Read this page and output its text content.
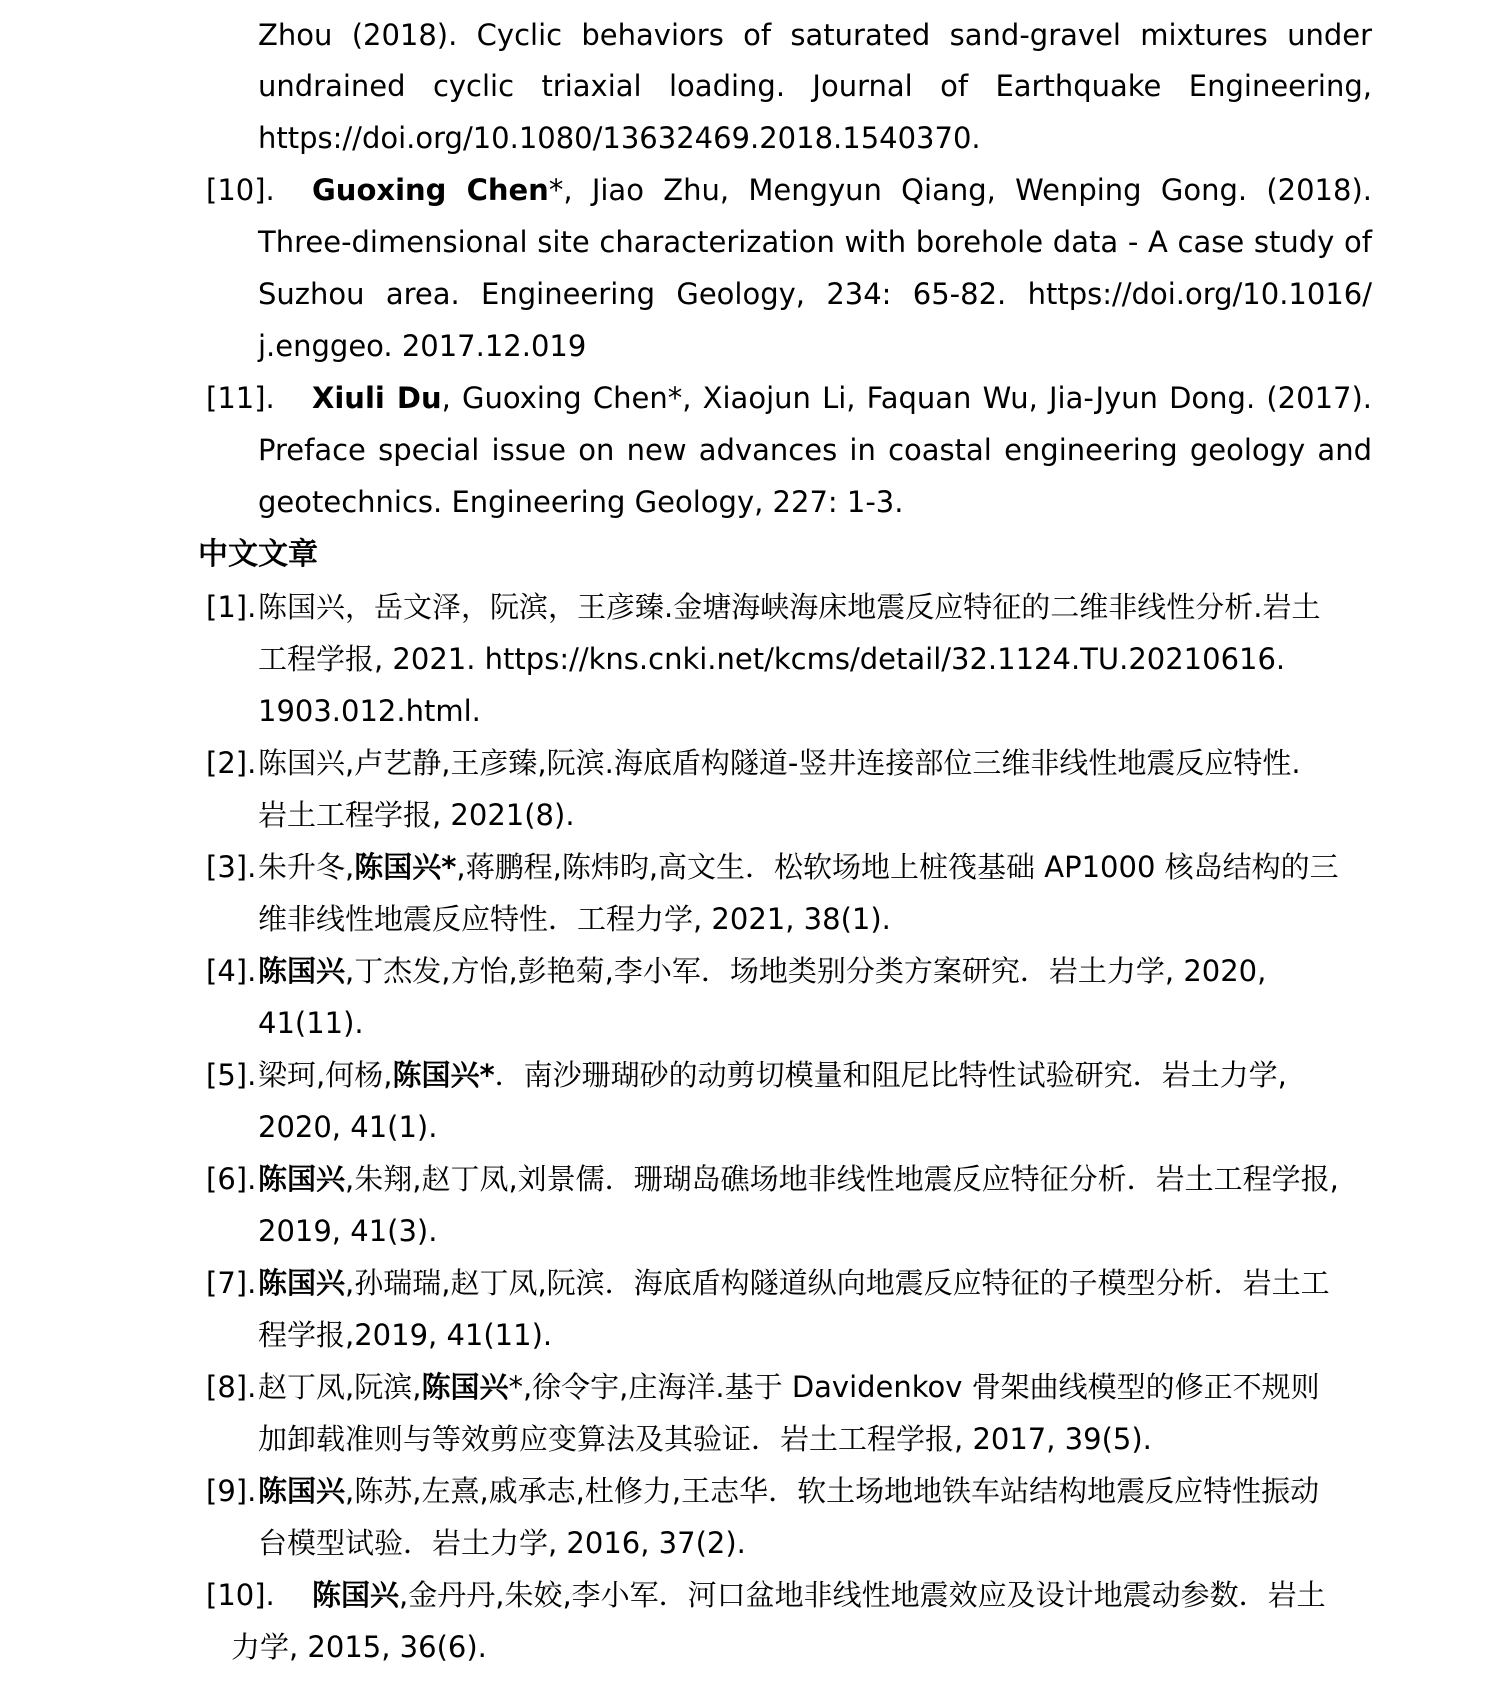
Zhou (2018). Cyclic behaviors of saturated sand-gravel mixtures under
undrained cyclic triaxial loading. Journal of Earthquake Engineering,
https://doi.org/10.1080/13632469.2018.1540370.
[10]. Guoxing Chen*, Jiao Zhu, Mengyun Qiang, Wenping Gong. (2018).
Three-dimensional site characterization with borehole data - A case study of
Suzhou area. Engineering Geology, 234: 65-82. https://doi.org/10.1016/
j.enggeo. 2017.12.019
[11]. Xiuli Du, Guoxing Chen*, Xiaojun Li, Faquan Wu, Jia-Jyun Dong. (2017).
Preface special issue on new advances in coastal engineering geology and
geotechnics. Engineering Geology, 227: 1-3.
中文文章
[1]. 陈国兴，岳文泽，阮滨，王彦臻.金塘海峡海床地震反应特征的二维非线性分析.岩土
工程学报, 2021. https://kns.cnki.net/kcms/detail/32.1124.TU.20210616.
1903.012.html.
[2]. 陈国兴,卢艺静,王彦臻,阮滨.海底盾构隧道-竖井连接部位三维非线性地震反应特性.
岩土工程学报, 2021(8).
[3]. 朱升冬,陈国兴*,蒋鹏程,陈炜昀,高文生．松软场地上桩筏基础 AP1000 核岛结构的三
维非线性地震反应特性．工程力学, 2021, 38(1).
[4]. 陈国兴,丁杰发,方怡,彭艳菊,李小军．场地类别分类方案研究．岩土力学, 2020,
41(11).
[5]. 梁珂,何杨,陈国兴*．南沙珊瑚砂的动剪切模量和阻尼比特性试验研究．岩土力学,
2020, 41(1).
[6]. 陈国兴,朱翔,赵丁凤,刘景儒．珊瑚岛礁场地非线性地震反应特征分析．岩土工程学报,
2019, 41(3).
[7]. 陈国兴,孙瑞瑞,赵丁凤,阮滨．海底盾构隧道纵向地震反应特征的子模型分析．岩土工
程学报,2019, 41(11).
[8]. 赵丁凤,阮滨,陈国兴*,徐令宇,庄海洋.基于 Davidenkov 骨架曲线模型的修正不规则
加卸载准则与等效剪应变算法及其验证．岩土工程学报, 2017, 39(5).
[9]. 陈国兴,陈苏,左熹,戚承志,杜修力,王志华．软土场地地铁车站结构地震反应特性振动
台模型试验．岩土力学, 2016, 37(2).
[10]. 陈国兴,金丹丹,朱姣,李小军．河口盆地非线性地震效应及设计地震动参数．岩土
力学, 2015, 36(6).
